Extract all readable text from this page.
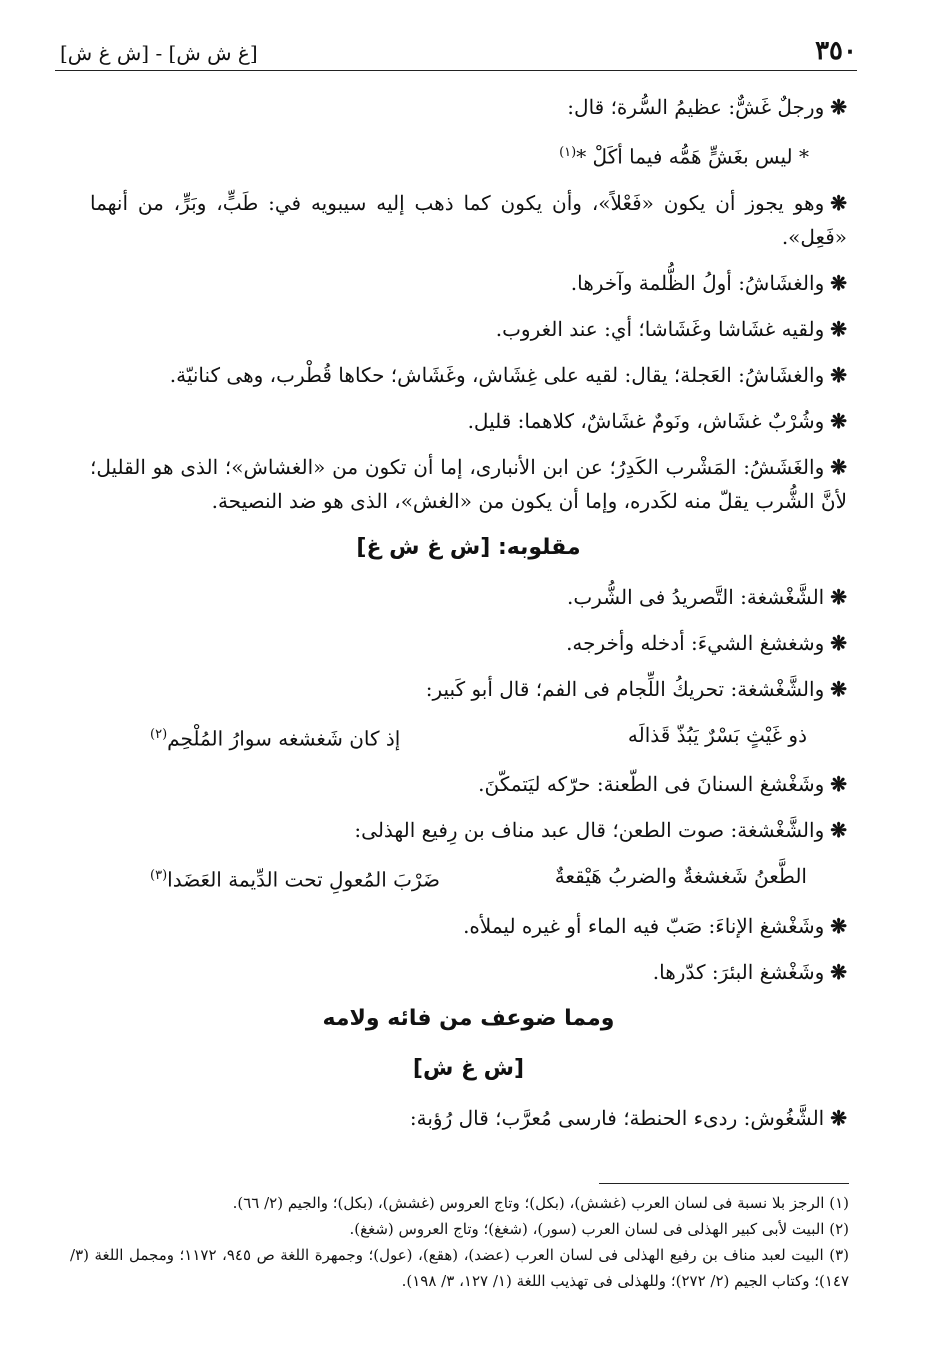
٣٥٠
[غ ش ش] - [ش غ ش]

❋ورجلٌ غَشٌّ: عظيمُ السُّرة؛ قال:

* ليس بغَشٍّ هَمُّه فيما أكَلْ *$^{(١)}$

❋وهو يجوز أن يكون «فَعْلاً»، وأن يكون كما ذهب إليه سيبويه في: طَبٍّ، وبَرٍّ، من أنهما «فَعِل».

❋والغشَاشُ: أولُ الظُّلمة وآخرها.

❋ولقيه غشَاشا وغَشَاشا؛ أي: عند الغروب.

❋والغشَاشُ: العَجلة؛ يقال: لقيه على غِشَاش، وغَشَاش؛ حكاها قُطْرب، وهى كنانيّة.

❋وشُرْبٌ غشَاش، ونَومٌ غشَاشٌ، كلاهما: قليل.

❋والغَشَشُ: المَشْرب الكَدِرُ؛ عن ابن الأنبارى، إما أن تكون من «الغشاش»؛ الذى هو القليل؛ لأنَّ الشُّرب يقلّ منه لكَدره، وإما أن يكون من «الغش»، الذى هو ضد النصيحة.

مقلوبه: [ش غ ش غ]

❋الشَّغْشغة: التَّصريدُ فى الشُّرب.

❋وشغشغ الشيءَ: أدخله وأخرجه.

❋والشَّغْشغة: تحريكُ اللِّجام فى الفم؛ قال أبو كَبير:

ذو غَيْثٍ بَسْرٌ يَبُذّ قَذالَه
إذ كان شَغشغه سوارُ المُلْحِم$^{(٢)}$

❋وشَغْشغ السنانَ فى الطّعنة: حرّكه ليَتمكّنَ.

❋والشَّغْشغة: صوت الطعن؛ قال عبد مناف بن رِفيع الهذلى:

الطَّعنُ شَغشغةٌ والضربُ هَيْقعةٌ
ضَرْبَ المُعولِ تحت الدِّيمة العَضَدا$^{(٣)}$

❋وشَغْشغ الإناءَ: صَبّ فيه الماء أو غيره ليملأه.

❋وشَغْشغ البئرَ: كدّرها.

ومما ضوعف من فائه ولامه
[ش غ ش]

❋الشَّغُوش: ردىء الحنطة؛ فارسى مُعرَّب؛ قال رُؤبة:

(١) الرجز بلا نسبة فى لسان العرب (غشش)، (بكل)؛ وتاج العروس (غشش)، (بكل)؛ والجيم (٢/ ٦٦).

(٢) البيت لأبى كبير الهذلى فى لسان العرب (سور)، (شغغ)؛ وتاج العروس (شغغ).

(٣) البيت لعبد مناف بن رفيع الهذلى فى لسان العرب (عضد)، (هقع)، (عول)؛ وجمهرة اللغة ص ٩٤٥، ١١٧٢؛ ومجمل اللغة (٣/ ١٤٧)؛ وكتاب الجيم (٢/ ٢٧٢)؛ وللهذلى فى تهذيب اللغة (١/ ١٢٧، ٣/ ١٩٨).
